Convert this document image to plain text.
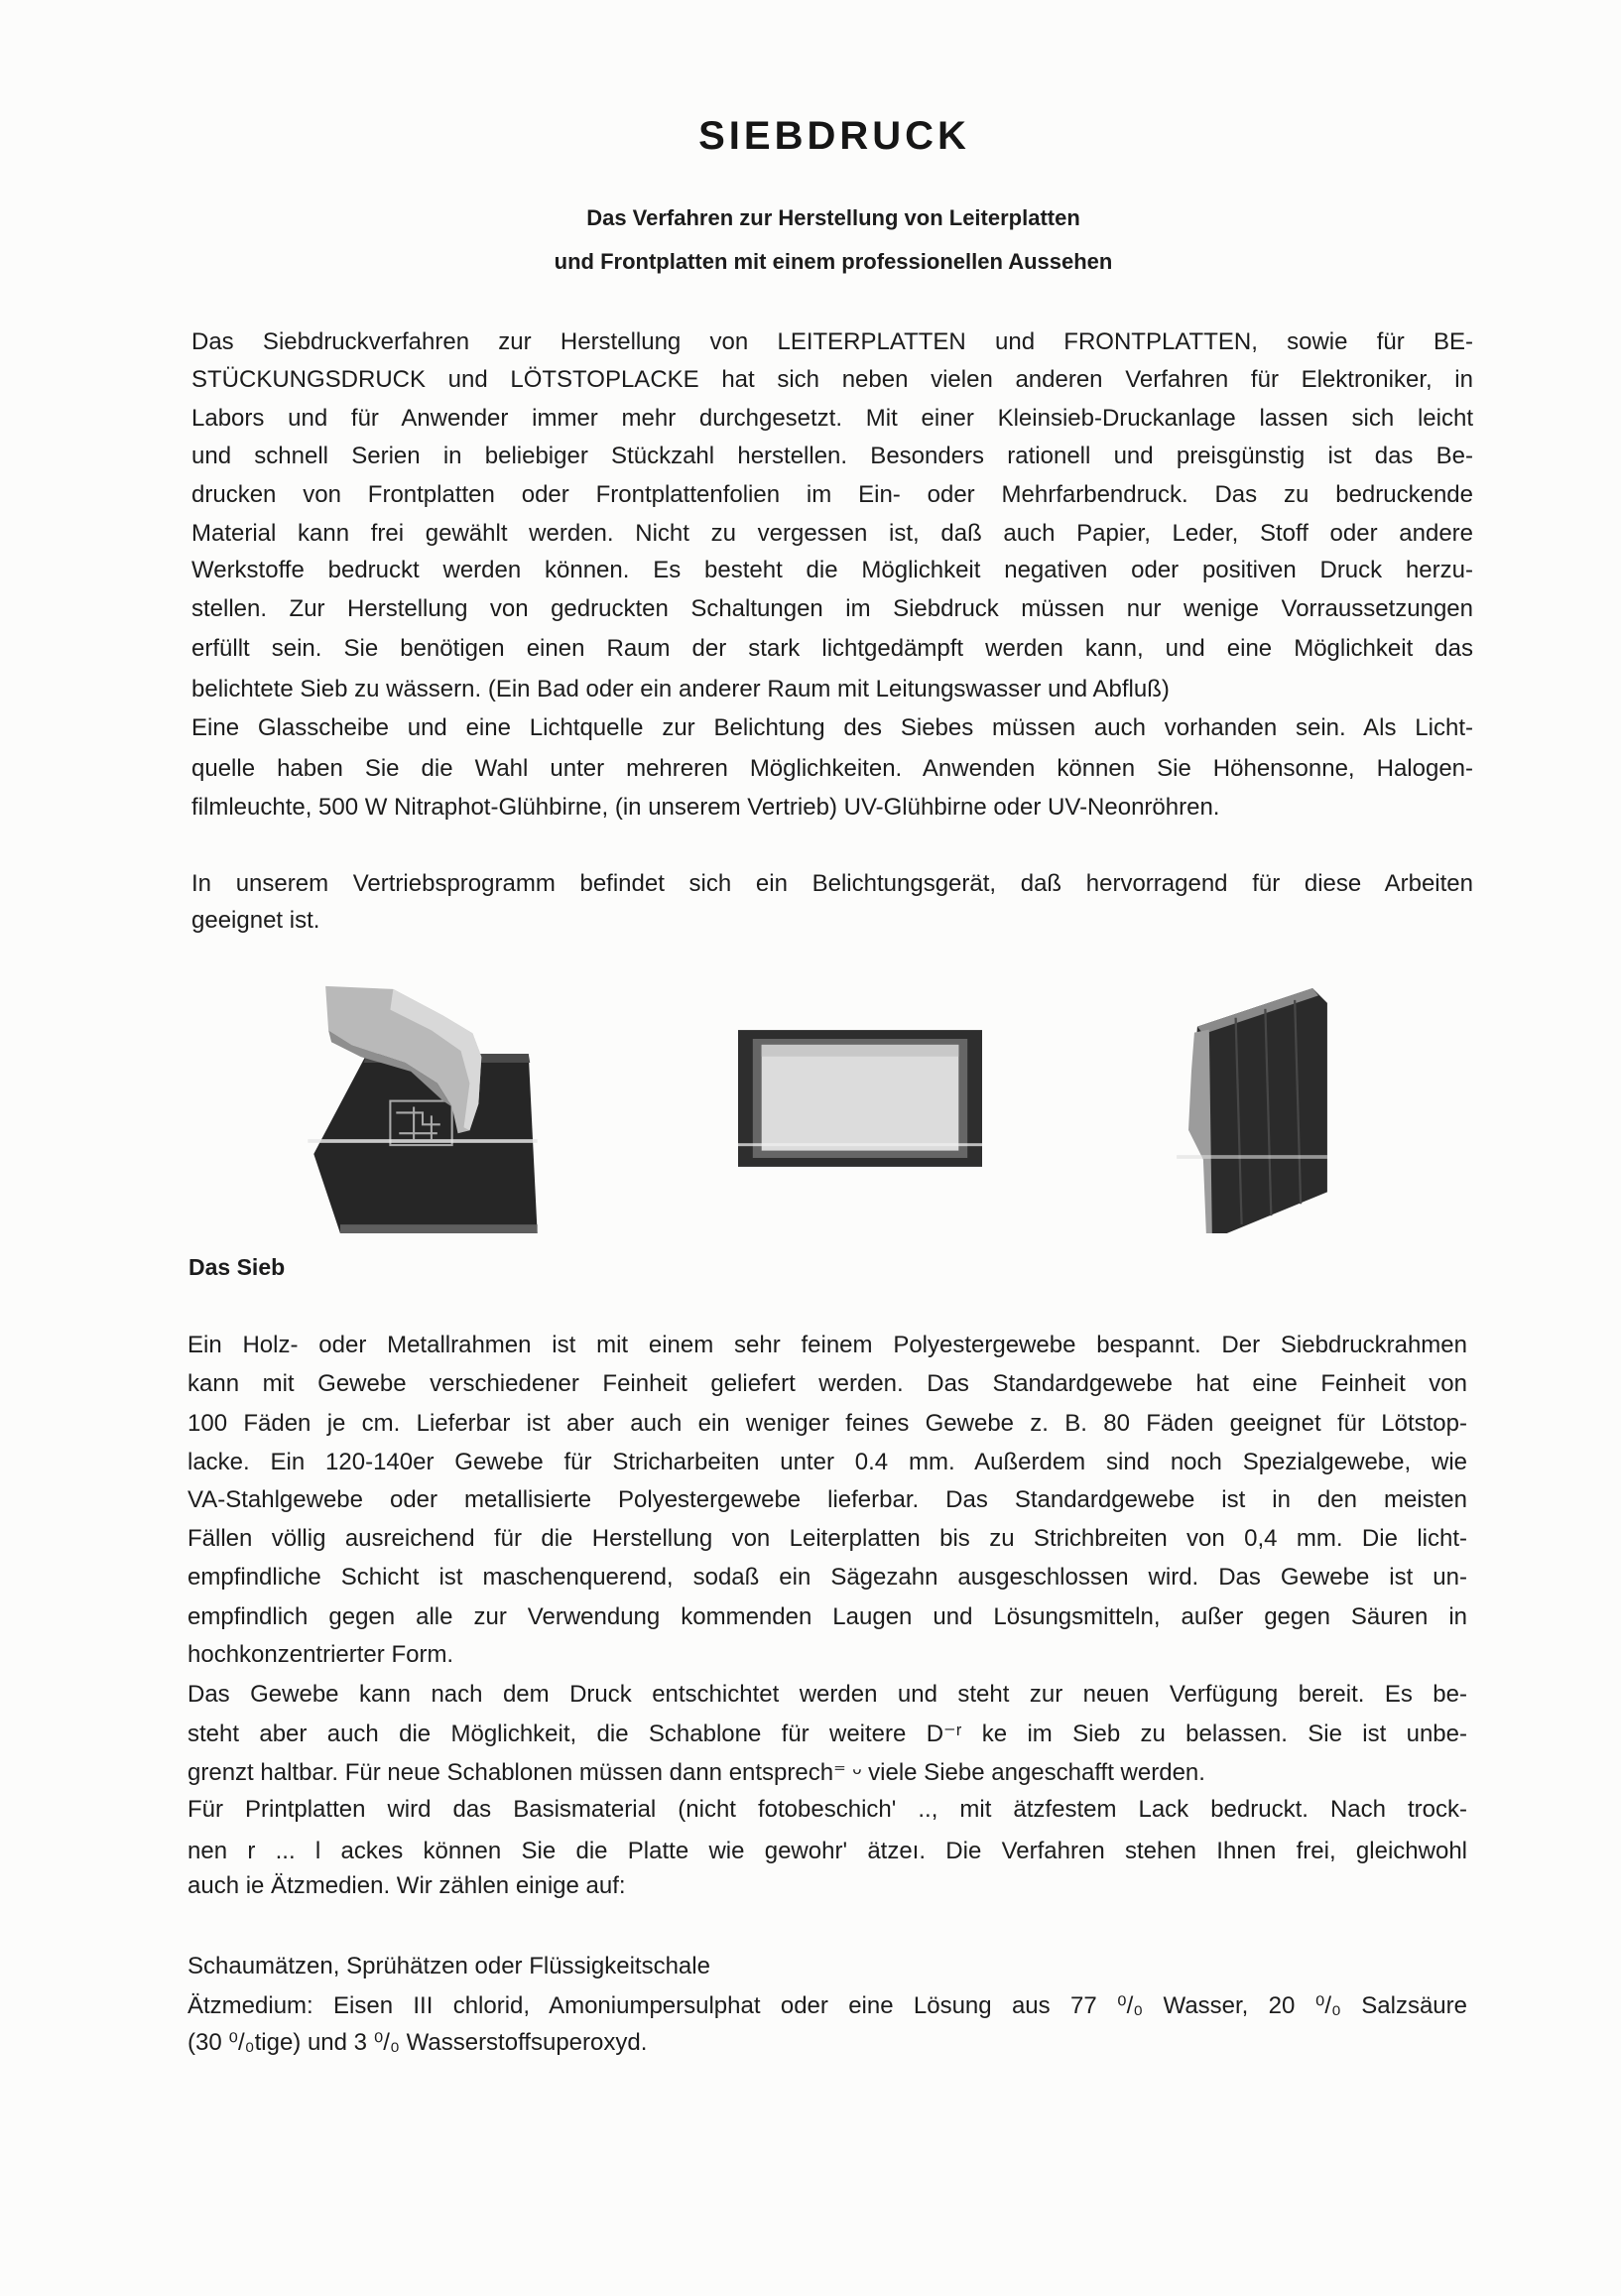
SIEBDRUCK
Das Verfahren zur Herstellung von Leiterplatten
und Frontplatten mit einem professionellen Aussehen
Das Siebdruckverfahren zur Herstellung von LEITERPLATTEN und FRONTPLATTEN, sowie für BE-
STÜCKUNGSDRUCK und LÖTSTOPLACKE hat sich neben vielen anderen Verfahren für Elektroniker, in
Labors und für Anwender immer mehr durchgesetzt. Mit einer Kleinsieb-Druckanlage lassen sich leicht
und schnell Serien in beliebiger Stückzahl herstellen. Besonders rationell und preisgünstig ist das Be-
drucken von Frontplatten oder Frontplattenfolien im Ein- oder Mehrfarbendruck. Das zu bedruckende
Material kann frei gewählt werden. Nicht zu vergessen ist, daß auch Papier, Leder, Stoff oder andere
Werkstoffe bedruckt werden können. Es besteht die Möglichkeit negativen oder positiven Druck herzu-
stellen. Zur Herstellung von gedruckten Schaltungen im Siebdruck müssen nur wenige Vorraussetzungen
erfüllt sein. Sie benötigen einen Raum der stark lichtgedämpft werden kann, und eine Möglichkeit das
belichtete Sieb zu wässern. (Ein Bad oder ein anderer Raum mit Leitungswasser und Abfluß)
Eine Glasscheibe und eine Lichtquelle zur Belichtung des Siebes müssen auch vorhanden sein. Als Licht-
quelle haben Sie die Wahl unter mehreren Möglichkeiten. Anwenden können Sie Höhensonne, Halogen-
filmleuchte, 500 W Nitraphot-Glühbirne, (in unserem Vertrieb) UV-Glühbirne oder UV-Neonröhren.
In unserem Vertriebsprogramm befindet sich ein Belichtungsgerät, daß hervorragend für diese Arbeiten
geeignet ist.
Das Sieb
Ein Holz- oder Metallrahmen ist mit einem sehr feinem Polyestergewebe bespannt. Der Siebdruckrahmen
kann mit Gewebe verschiedener Feinheit geliefert werden. Das Standardgewebe hat eine Feinheit von
100 Fäden je cm. Lieferbar ist aber auch ein weniger feines Gewebe z. B. 80 Fäden geeignet für Lötstop-
lacke. Ein 120-140er Gewebe für Stricharbeiten unter 0.4 mm. Außerdem sind noch Spezialgewebe, wie
VA-Stahlgewebe oder metallisierte Polyestergewebe lieferbar. Das Standardgewebe ist in den meisten
Fällen völlig ausreichend für die Herstellung von Leiterplatten bis zu Strichbreiten von 0,4 mm. Die licht-
empfindliche Schicht ist maschenquerend, sodaß ein Sägezahn ausgeschlossen wird. Das Gewebe ist un-
empfindlich gegen alle zur Verwendung kommenden Laugen und Lösungsmitteln, außer gegen Säuren in
hochkonzentrierter Form.
Das Gewebe kann nach dem Druck entschichtet werden und steht zur neuen Verfügung bereit. Es be-
steht aber auch die Möglichkeit, die Schablone für weitere D⁻ʳ ke im Sieb zu belassen. Sie ist unbe-
grenzt haltbar. Für neue Schablonen müssen dann entsprech⁼ ᵕ viele Siebe angeschafft werden.
Für Printplatten wird das Basismaterial (nicht fotobeschich' .., mit ätzfestem Lack bedruckt. Nach trock-
nen r ... l ackes können Sie die Platte wie gewohr' ätzeı. Die Verfahren stehen Ihnen frei, gleichwohl
auch ie Ätzmedien. Wir zählen einige auf:
Schaumätzen, Sprühätzen oder Flüssigkeitschale
Ätzmedium: Eisen III chlorid, Amoniumpersulphat oder eine Lösung aus 77 ⁰/₀ Wasser, 20 ⁰/₀ Salzsäure
(30 ⁰/₀tige) und 3 ⁰/₀ Wasserstoffsuperoxyd.
